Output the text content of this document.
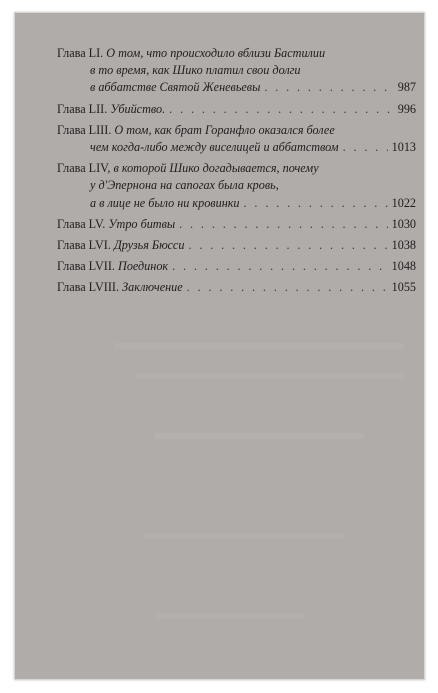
Глава LI. О том, что происходило вблизи Бастилии
в то время, как Шико платил свои долги
в аббатстве Святой Женевьевы . . .	987
Глава LII. Убийство. . . .	996
Глава LIII. О том, как брат Горанфло оказался более
чем когда-либо между виселицей и аббатством . . .	1013
Глава LIV, в которой Шико догадывается, почему
у д'Эпернона на сапогах была кровь,
а в лице не было ни кровинки . . .	1022
Глава LV. Утро битвы . . .	1030
Глава LVI. Друзья Бюсси . . .	1038
Глава LVII. Поединок . . .	1048
Глава LVIII. Заключение . . .	1055
